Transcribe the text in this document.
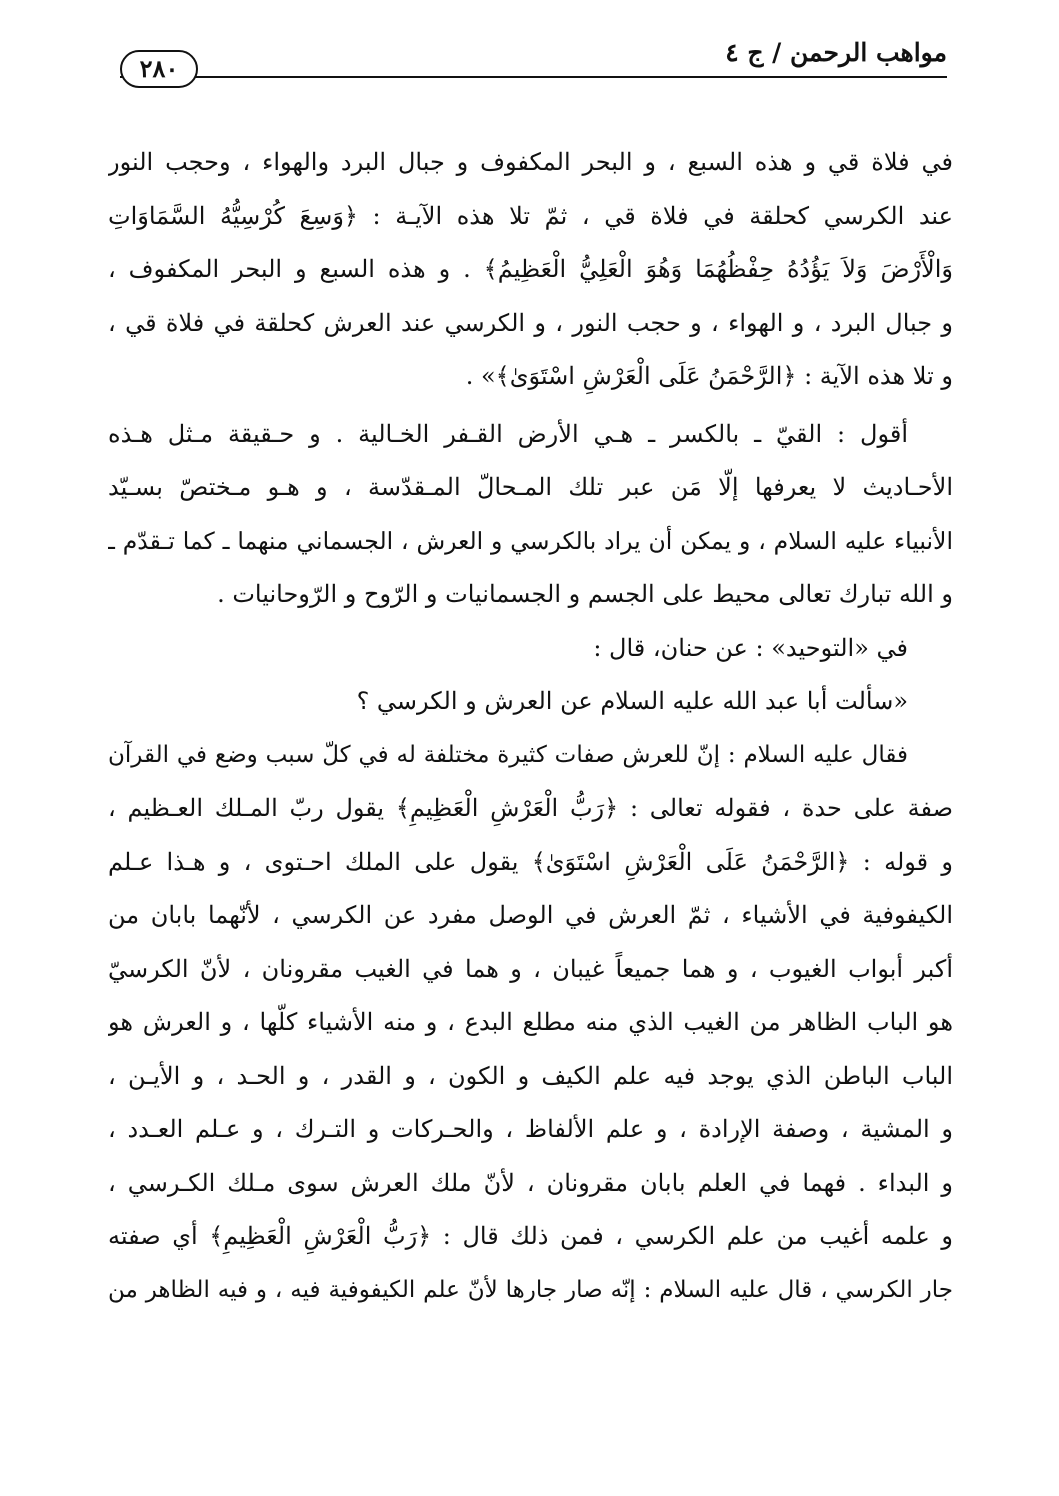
مواهب الرحمن / ج ٤
٢٨٠
في فلاة قي و هذه السبع ، و البحر المكفوف و جبال البرد والهواء ، وحجب النور
عند الكرسي كحلقة في فلاة قي ، ثمّ تلا هذه الآيـة : ﴿وَسِعَ كُرْسِيُّهُ السَّمَاوَاتِ
وَالْأَرْضَ وَلاَ يَؤُدُهُ حِفْظُهُمَا وَهُوَ الْعَلِيُّ الْعَظِيمُ﴾ . و هذه السبع و البحر المكفوف ،
و جبال البرد ، و الهواء ، و حجب النور ، و الكرسي عند العرش كحلقة في فلاة قي ،
و تلا هذه الآية : ﴿الرَّحْمَنُ عَلَى الْعَرْشِ اسْتَوَىٰ﴾» .
أقول : القيّ ـ بالكسر ـ هـي الأرض القـفر الخـالية . و حـقيقة مـثل هـذه
الأحـاديث لا يعرفها إلّا مَن عبر تلك المـحالّ المـقدّسة ، و هـو مـختصّ بسـيّد
الأنبياء عليه السلام ، و يمكن أن يراد بالكرسي و العرش ، الجسماني منهما ـ كما تـقدّم ـ
و الله تبارك تعالى محيط على الجسم و الجسمانيات و الرّوح و الرّوحانيات .
في «التوحيد» : عن حنان، قال :
«سألت أبا عبد الله عليه السلام عن العرش و الكرسي ؟
فقال عليه السلام : إنّ للعرش صفات كثيرة مختلفة له في كلّ سبب وضع في القرآن
صفة على حدة ، فقوله تعالى : ﴿رَبُّ الْعَرْشِ الْعَظِيمِ﴾ يقول ربّ المـلك العـظيم ،
و قوله : ﴿الرَّحْمَنُ عَلَى الْعَرْشِ اسْتَوَىٰ﴾ يقول على الملك احـتوى ، و هـذا عـلم
الكيفوفية في الأشياء ، ثمّ العرش في الوصل مفرد عن الكرسي ، لأنّهما بابان من
أكبر أبواب الغيوب ، و هما جميعاً غيبان ، و هما في الغيب مقرونان ، لأنّ الكرسيّ
هو الباب الظاهر من الغيب الذي منه مطلع البدع ، و منه الأشياء كلّها ، و العرش هو
الباب الباطن الذي يوجد فيه علم الكيف و الكون ، و القدر ، و الحـد ، و الأيـن ،
و المشية ، وصفة الإرادة ، و علم الألفاظ ، والحـركات و التـرك ، و عـلم العـدد ،
و البداء . فهما في العلم بابان مقرونان ، لأنّ ملك العرش سوى مـلك الكـرسي ،
و علمه أغيب من علم الكرسي ، فمن ذلك قال : ﴿رَبُّ الْعَرْشِ الْعَظِيمِ﴾ أي صفته
جار الكرسي ، قال عليه السلام : إنّه صار جارها لأنّ علم الكيفوفية فيه ، و فيه الظاهر من
